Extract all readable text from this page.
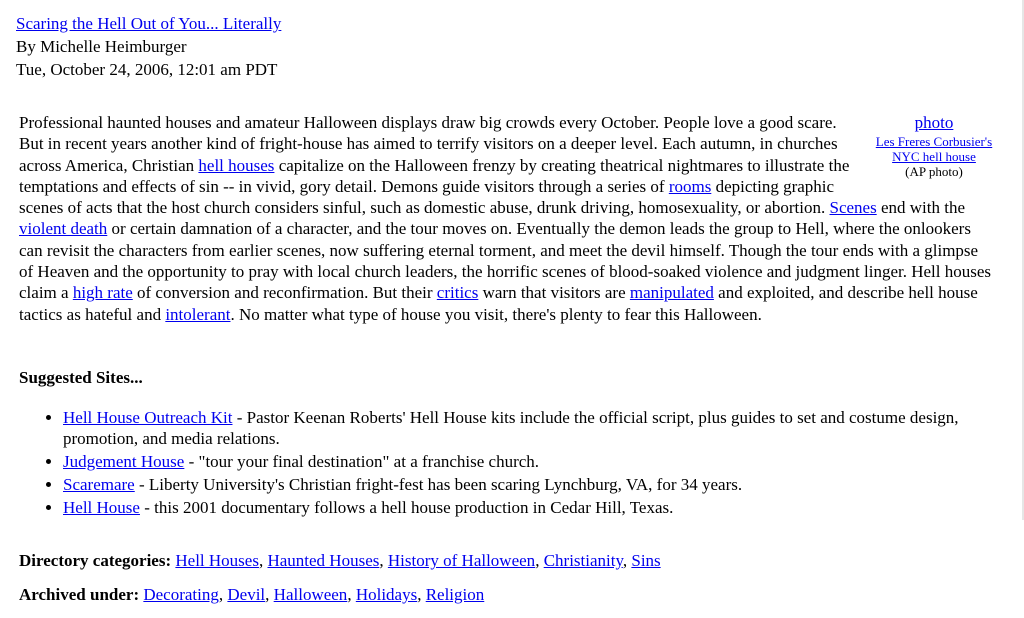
Scaring the Hell Out of You... Literally
By Michelle Heimburger
Tue, October 24, 2006, 12:01 am PDT
photo
Les Freres Corbusier's NYC hell house
(AP photo)
Professional haunted houses and amateur Halloween displays draw big crowds every October. People love a good scare. But in recent years another kind of fright-house has aimed to terrify visitors on a deeper level. Each autumn, in churches across America, Christian hell houses capitalize on the Halloween frenzy by creating theatrical nightmares to illustrate the temptations and effects of sin -- in vivid, gory detail. Demons guide visitors through a series of rooms depicting graphic scenes of acts that the host church considers sinful, such as domestic abuse, drunk driving, homosexuality, or abortion. Scenes end with the violent death or certain damnation of a character, and the tour moves on. Eventually the demon leads the group to Hell, where the onlookers can revisit the characters from earlier scenes, now suffering eternal torment, and meet the devil himself. Though the tour ends with a glimpse of Heaven and the opportunity to pray with local church leaders, the horrific scenes of blood-soaked violence and judgment linger. Hell houses claim a high rate of conversion and reconfirmation. But their critics warn that visitors are manipulated and exploited, and describe hell house tactics as hateful and intolerant. No matter what type of house you visit, there's plenty to fear this Halloween.
Suggested Sites...
• Hell House Outreach Kit - Pastor Keenan Roberts' Hell House kits include the official script, plus guides to set and costume design, promotion, and media relations.
• Judgement House - "tour your final destination" at a franchise church.
• Scaremare - Liberty University's Christian fright-fest has been scaring Lynchburg, VA, for 34 years.
• Hell House - this 2001 documentary follows a hell house production in Cedar Hill, Texas.
Directory categories: Hell Houses, Haunted Houses, History of Halloween, Christianity, Sins
Archived under: Decorating, Devil, Halloween, Holidays, Religion
